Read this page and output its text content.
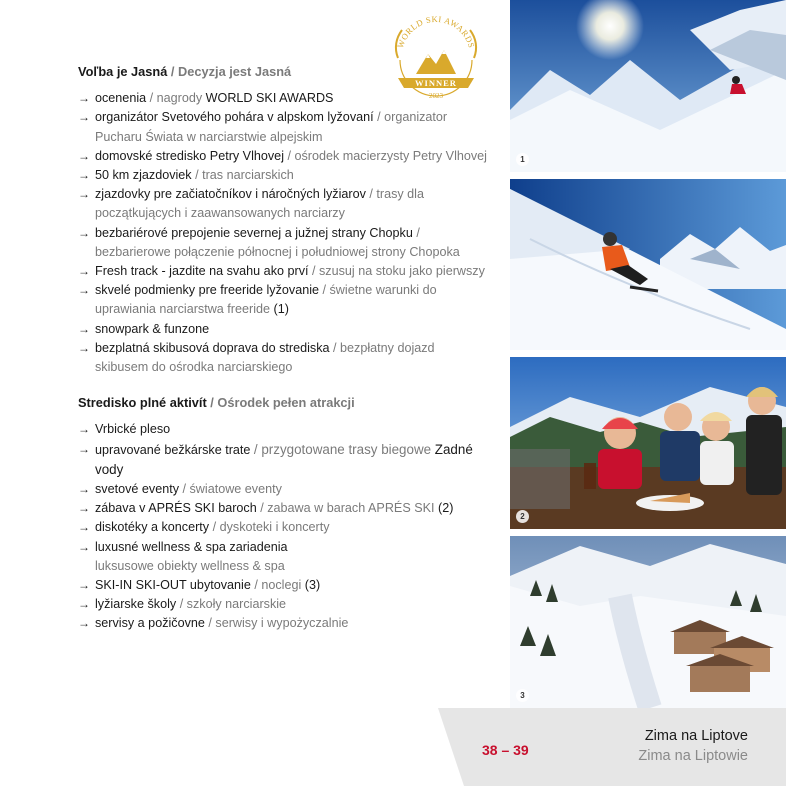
WORLD SKI AWARDS
WINNER
2023
Voľba je Jasná / Decyzja jest Jasná
→ ocenenia / nagrody WORLD SKI AWARDS
→ organizátor Svetového pohára v alpskom lyžovaní / organizator Pucharu Świata w narciarstwie alpejskim
→ domovské stredisko Petry Vlhovej / ośrodek macierzysty Petry Vlhovej
→ 50 km zjazdoviek / tras narciarskich
→ zjazdovky pre začiatočníkov i náročných lyžiarov / trasy dla początkujących i zaawansowanych narciarzy
→ bezbariérové prepojenie severnej a južnej strany Chopku / bezbarierowe połączenie północnej i południowej strony Chopoka
→ Fresh track - jazdite na svahu ako prví / szusuj na stoku jako pierwszy
→ skvelé podmienky pre freeride lyžovanie / świetne warunki do uprawiania narciarstwa freeride (1)
→ snowpark & funzone
→ bezplatná skibusová doprava do strediska / bezpłatny dojazd skibusem do ośrodka narciarskiego
Stredisko plné aktivít / Ośrodek pełen atrakcji
→ Vrbické pleso
→ upravované bežkárske trate / przygotowane trasy biegowe Zadné vody
→ svetové eventy / światowe eventy
→ zábava v APRÉS SKI baroch / zabawa w barach APRÉS SKI (2)
→ diskotéky a koncerty / dyskoteki i koncerty
→ luxusné wellness & spa zariadenia
luksusowe obiekty wellness & spa
→ SKI-IN SKI-OUT ubytovanie / noclegi (3)
→ lyžiarske školy / szkoły narciarskie
→ servisy a požičovne / serwisy i wypożyczalnie
1
2
3
38 – 39
Zima na Liptove
Zima na Liptowie
